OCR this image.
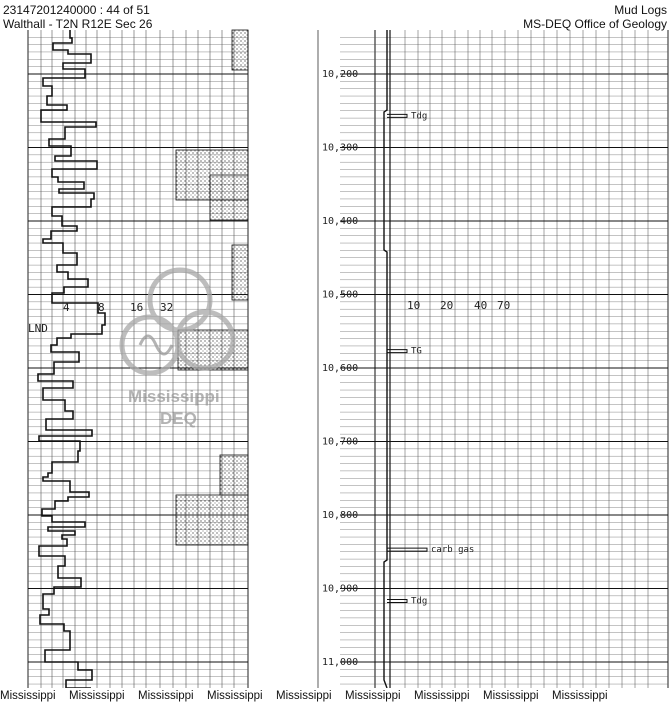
23147201240000 : 44 of 51
Walthall - T2N R12E Sec 26
Mud Logs
MS-DEQ Office of Geology
10,200
10,300
10,400
10,500
10,600
10,700
10,800
10,900
11,000
Tdg
TG
carb gas
Tdg
4	8 16 32
LND
10 20 40 70
Mississippi
DEQ
Mississippi	Mississippi	Mississippi	Mississippi	Mississippi	Mississippi	Mississippi	Mississippi	Mississippi
